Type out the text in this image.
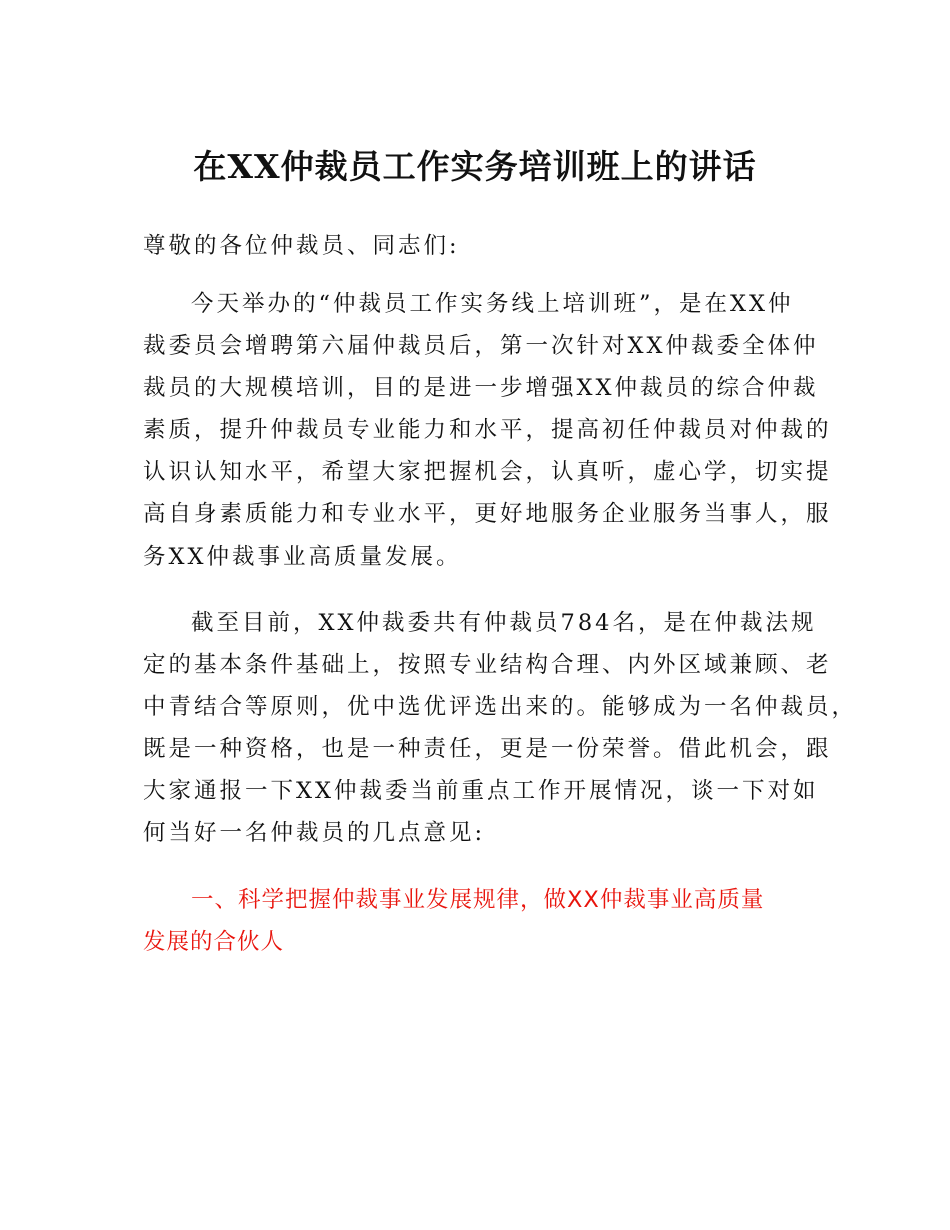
在XX仲裁员工作实务培训班上的讲话

尊敬的各位仲裁员、同志们:

今天举办的“仲裁员工作实务线上培训班”，是在XX仲

裁委员会增聘第六届仲裁员后，第一次针对XX仲裁委全体仲

裁员的大规模培训，目的是进一步增强XX仲裁员的综合仲裁

素质，提升仲裁员专业能力和水平，提高初任仲裁员对仲裁的

认识认知水平，希望大家把握机会，认真听，虚心学，切实提

高自身素质能力和专业水平，更好地服务企业服务当事人，服

务XX仲裁事业高质量发展。

截至目前，XX仲裁委共有仲裁员784名，是在仲裁法规

定的基本条件基础上，按照专业结构合理、内外区域兼顾、老

中青结合等原则，优中选优评选出来的。能够成为一名仲裁员，

既是一种资格，也是一种责任，更是一份荣誉。借此机会，跟

大家通报一下XX仲裁委当前重点工作开展情况，谈一下对如

何当好一名仲裁员的几点意见:

一、科学把握仲裁事业发展规律，做XX仲裁事业高质量

发展的合伙人
